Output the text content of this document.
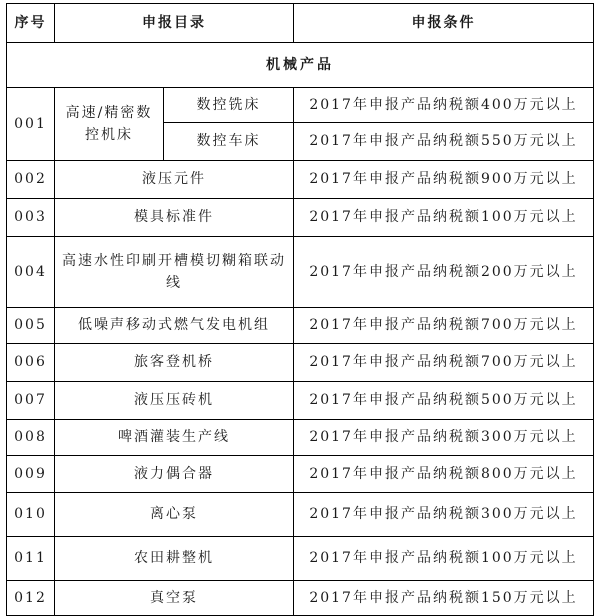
序号	申报目录		申报条件
机械产品			
001	高速/精密数控机床	数控铣床	2017年申报产品纳税额400万元以上
		数控车床	2017年申报产品纳税额550万元以上
002	液压元件		2017年申报产品纳税额900万元以上
003	模具标准件		2017年申报产品纳税额100万元以上
004	高速水性印刷开槽模切糊箱联动线		2017年申报产品纳税额200万元以上
005	低噪声移动式燃气发电机组		2017年申报产品纳税额700万元以上
006	旅客登机桥		2017年申报产品纳税额700万元以上
007	液压压砖机		2017年申报产品纳税额500万元以上
008	啤酒灌装生产线		2017年申报产品纳税额300万元以上
009	液力偶合器		2017年申报产品纳税额800万元以上
010	离心泵		2017年申报产品纳税额300万元以上
011	农田耕整机		2017年申报产品纳税额100万元以上
012	真空泵		2017年申报产品纳税额150万元以上
